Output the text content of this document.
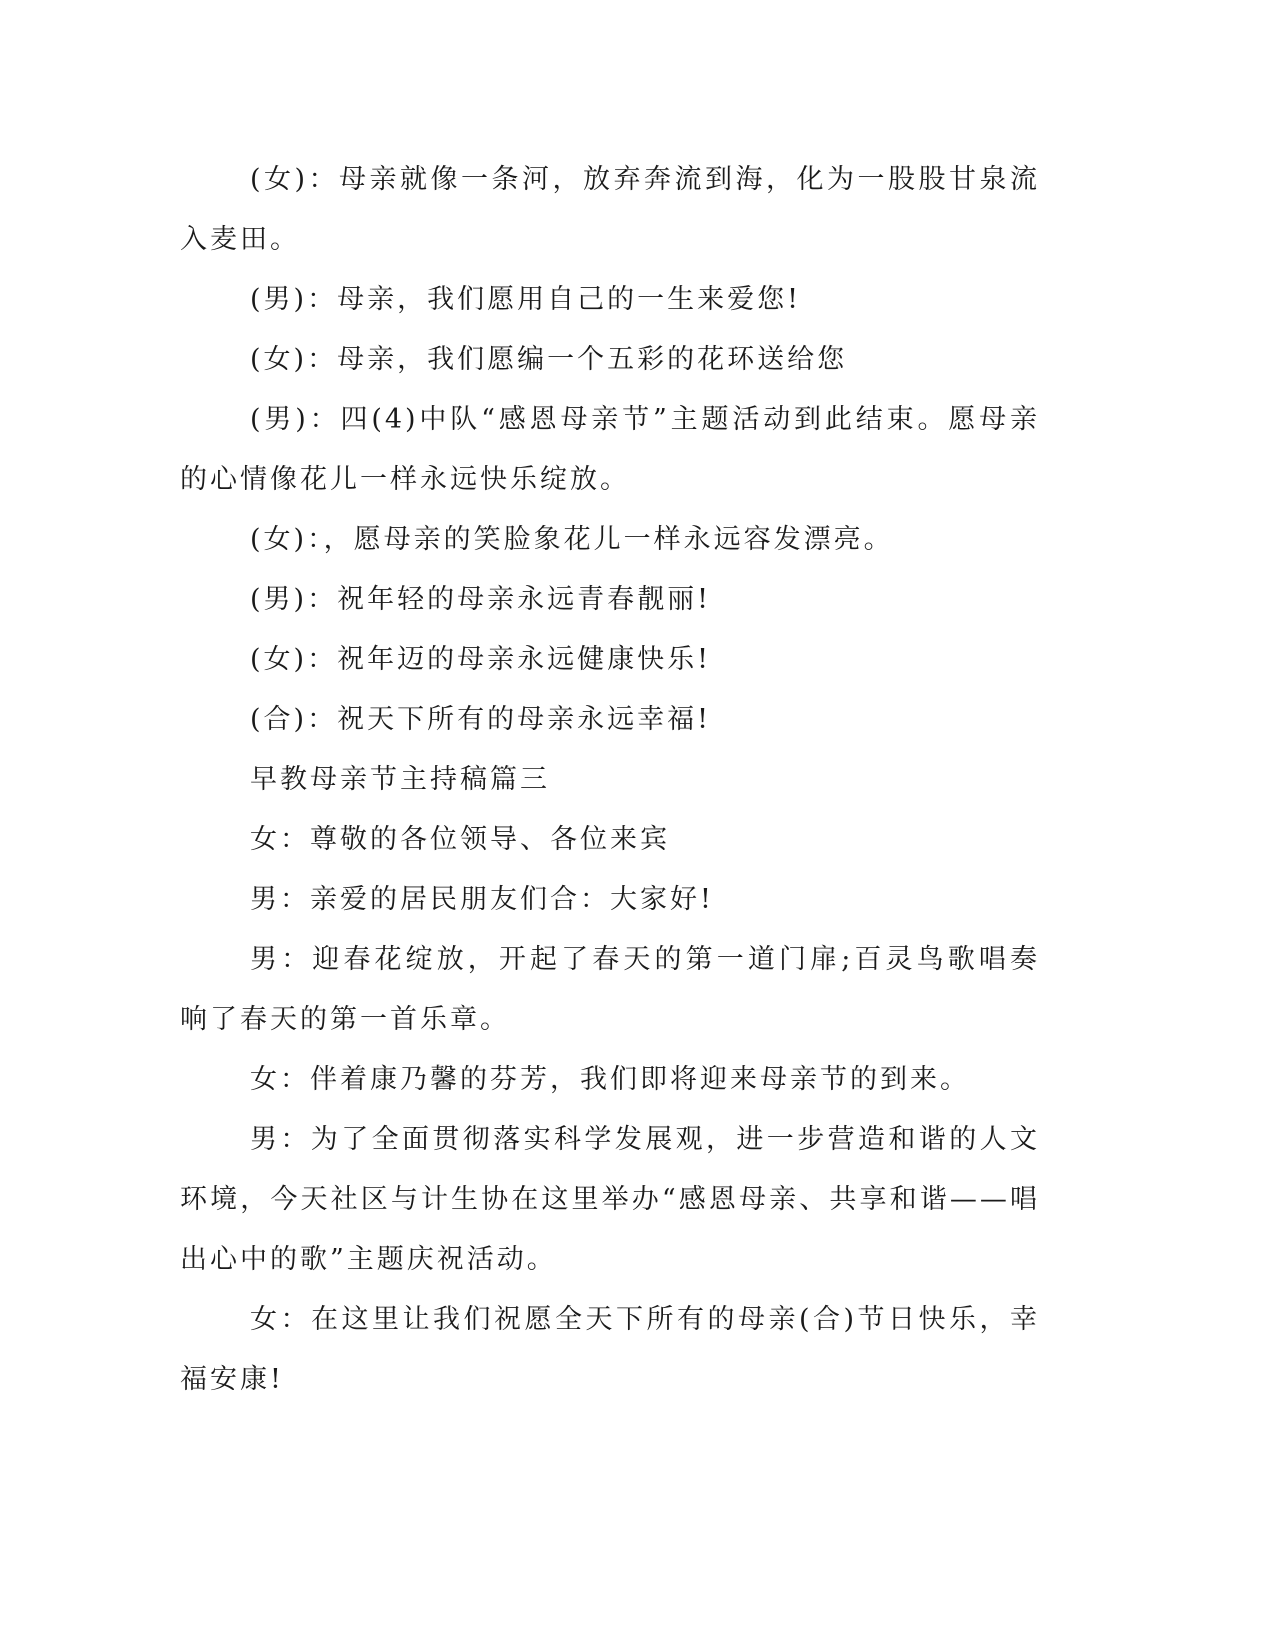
(女)：母亲就像一条河，放弃奔流到海，化为一股股甘泉流入麦田。

(男)：母亲，我们愿用自己的一生来爱您!

(女)：母亲，我们愿编一个五彩的花环送给您

(男)：四(4)中队“感恩母亲节”主题活动到此结束。愿母亲的心情像花儿一样永远快乐绽放。

(女)：，愿母亲的笑脸象花儿一样永远容发漂亮。

(男)：祝年轻的母亲永远青春靓丽!

(女)：祝年迈的母亲永远健康快乐!

(合)：祝天下所有的母亲永远幸福!

早教母亲节主持稿篇三

女：尊敬的各位领导、各位来宾

男：亲爱的居民朋友们合：大家好!

男：迎春花绽放，开起了春天的第一道门扉;百灵鸟歌唱奏响了春天的第一首乐章。

女：伴着康乃馨的芬芳，我们即将迎来母亲节的到来。

男：为了全面贯彻落实科学发展观，进一步营造和谐的人文环境，今天社区与计生协在这里举办“感恩母亲、共享和谐——唱出心中的歌”主题庆祝活动。

女：在这里让我们祝愿全天下所有的母亲(合)节日快乐，幸福安康!
